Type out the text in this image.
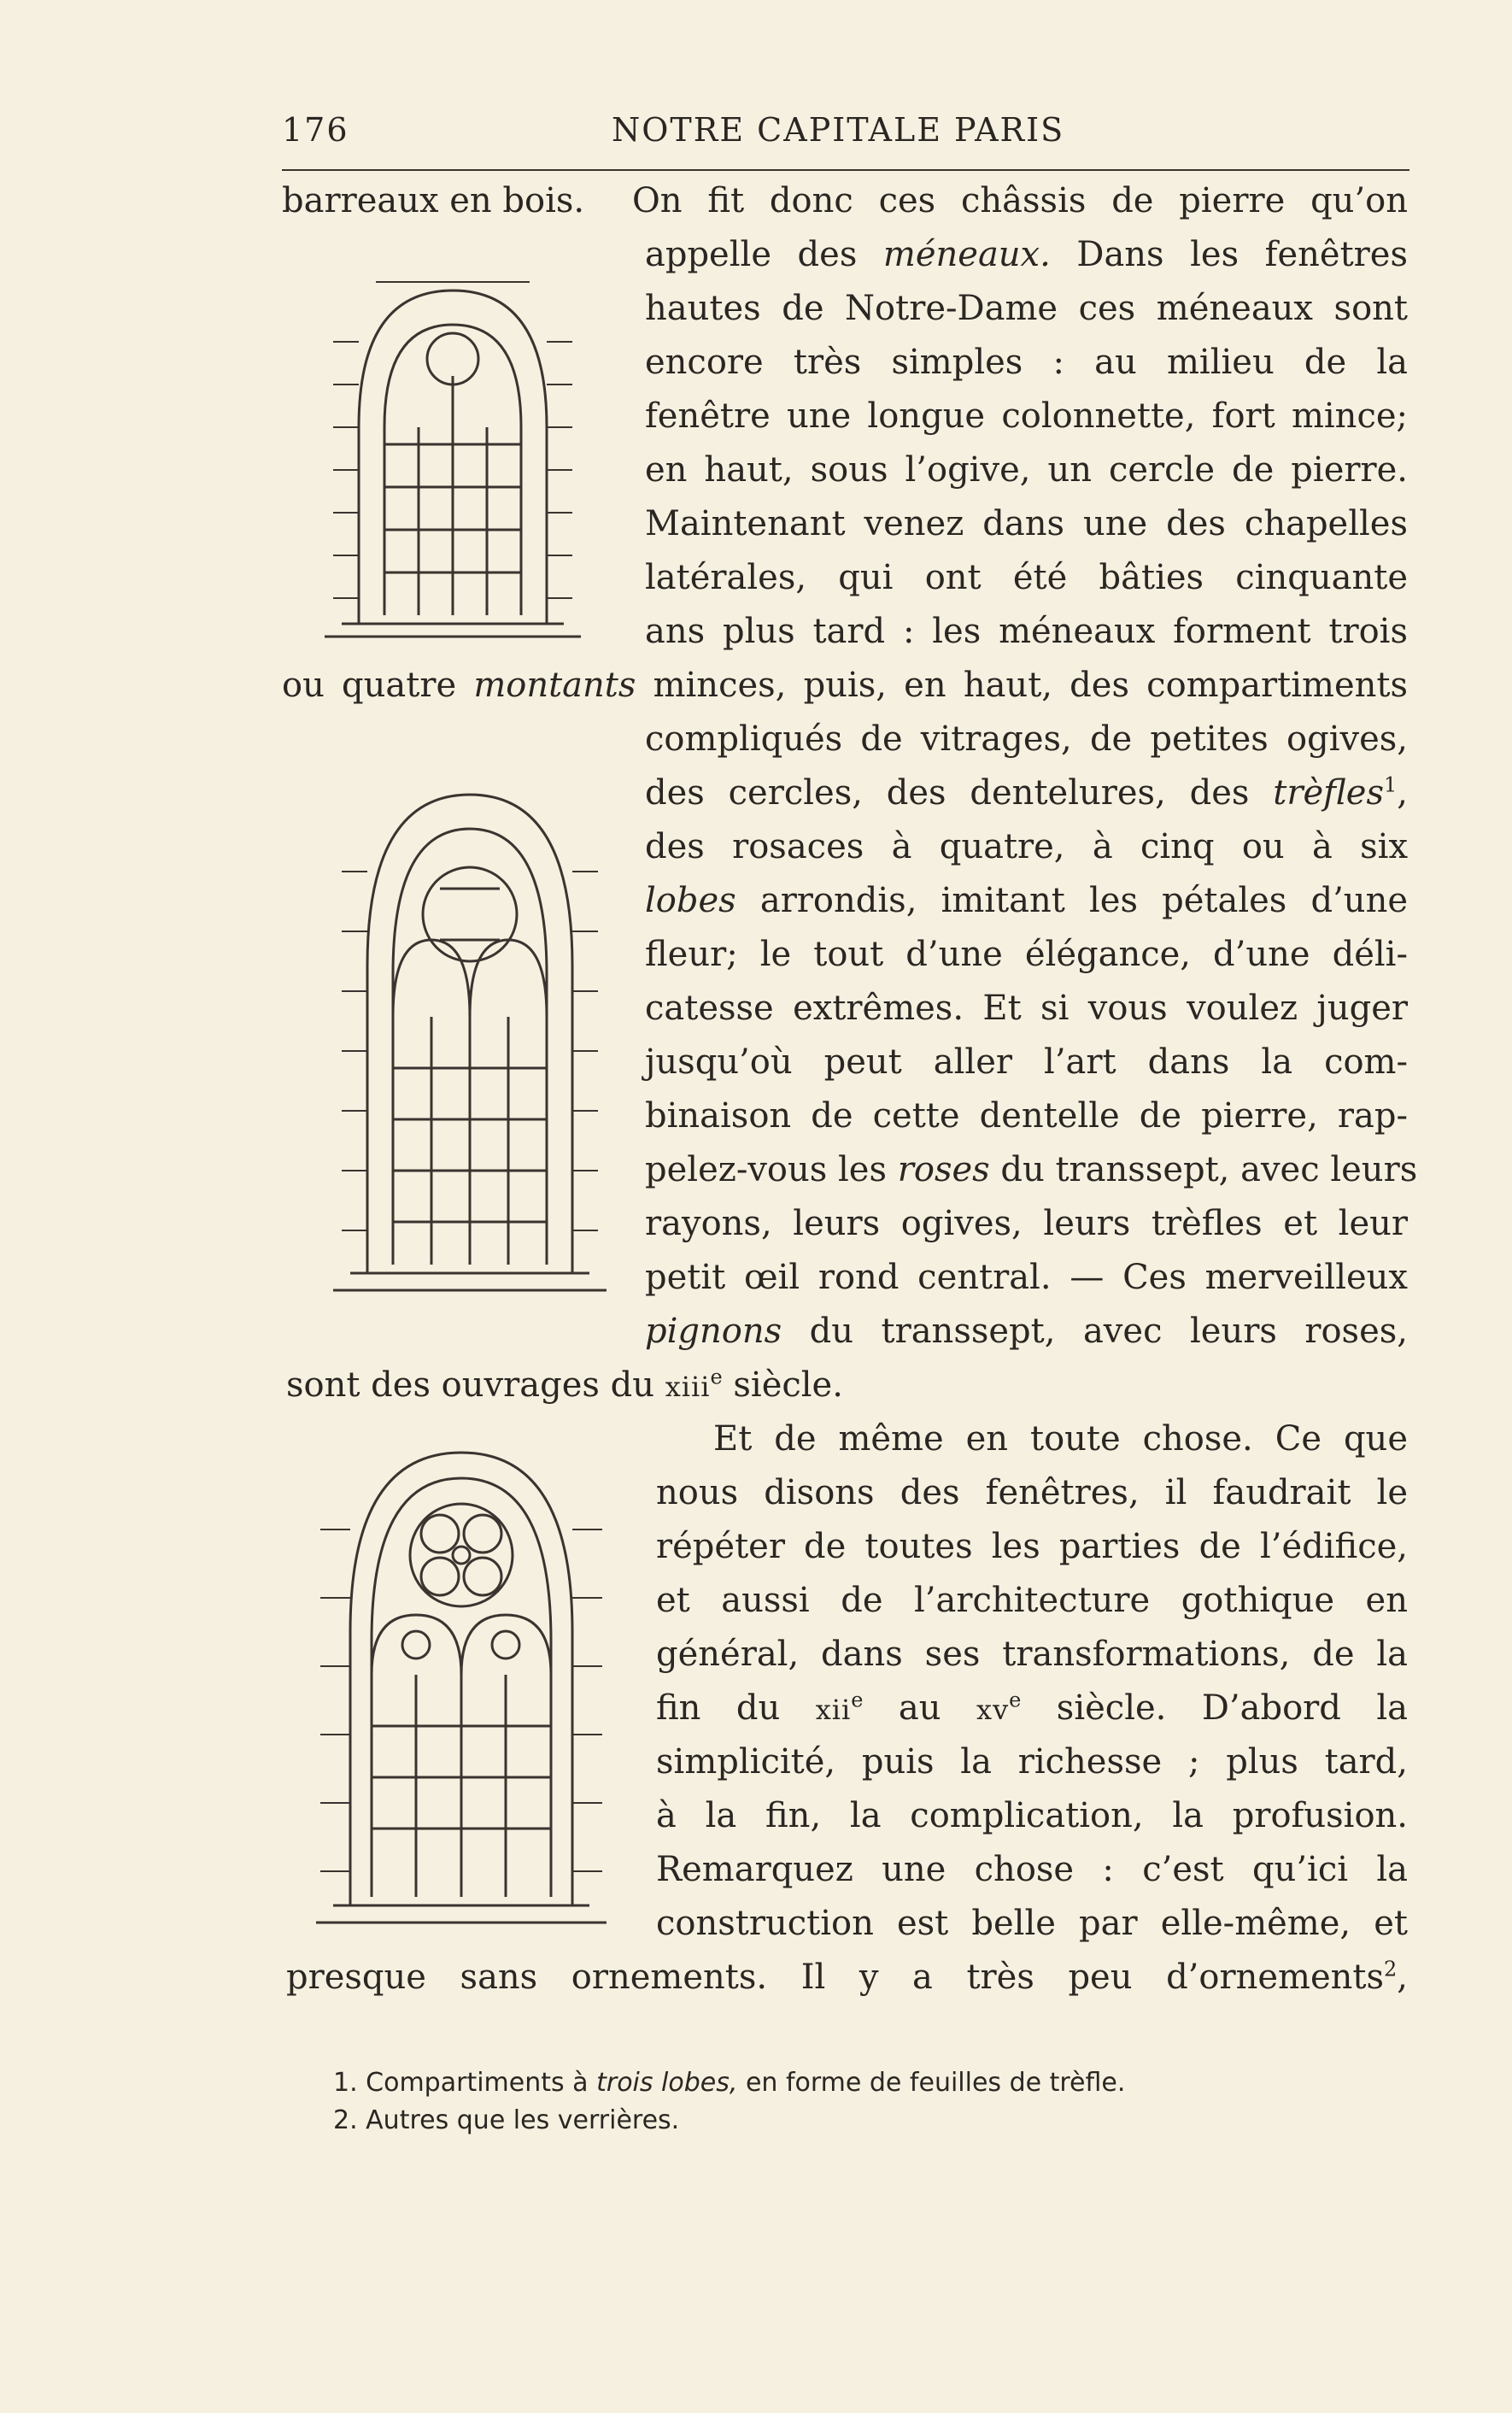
176	NOTRE CAPITALE PARIS
barreaux en bois. On fit donc ces châssis de pierre qu’on
appelle des méneaux. Dans les fenêtres
hautes de Notre-Dame ces méneaux sont
encore très simples : au milieu de la
fenêtre une longue colonnette, fort mince;
en haut, sous l’ogive, un cercle de pierre.
Maintenant venez dans une des chapelles
latérales, qui ont été bâties cinquante
ans plus tard : les méneaux forment trois
ou quatre montants minces, puis, en haut, des compartiments
compliqués de vitrages, de petites ogives,
des cercles, des dentelures, des trèfles$^1$,
des rosaces à quatre, à cinq ou à six
lobes arrondis, imitant les pétales d’une
fleur; le tout d’une élégance, d’une déli-
catesse extrêmes. Et si vous voulez juger
jusqu’où peut aller l’art dans la com-
binaison de cette dentelle de pierre, rap-
pelez-vous les roses du transsept, avec leurs
rayons, leurs ogives, leurs trèfles et leur
petit œil rond central. — Ces merveilleux
pignons du transsept, avec leurs roses,
sont des ouvrages du xiii$^e$ siècle.
Et de même en toute chose. Ce que
nous disons des fenêtres, il faudrait le
répéter de toutes les parties de l’édifice,
et aussi de l’architecture gothique en
général, dans ses transformations, de la
fin du xii$^e$ au $xv^e$ siècle. D’abord la
simplicité, puis la richesse ; plus tard,
à la fin, la complication, la profusion.
Remarquez une chose : c’est qu’ici la
construction est belle par elle-même, et
presque sans ornements. Il y a très peu d’ornements$^2$,
1. Compartiments à trois lobes, en forme de feuilles de trèfle.
2. Autres que les verrières.
